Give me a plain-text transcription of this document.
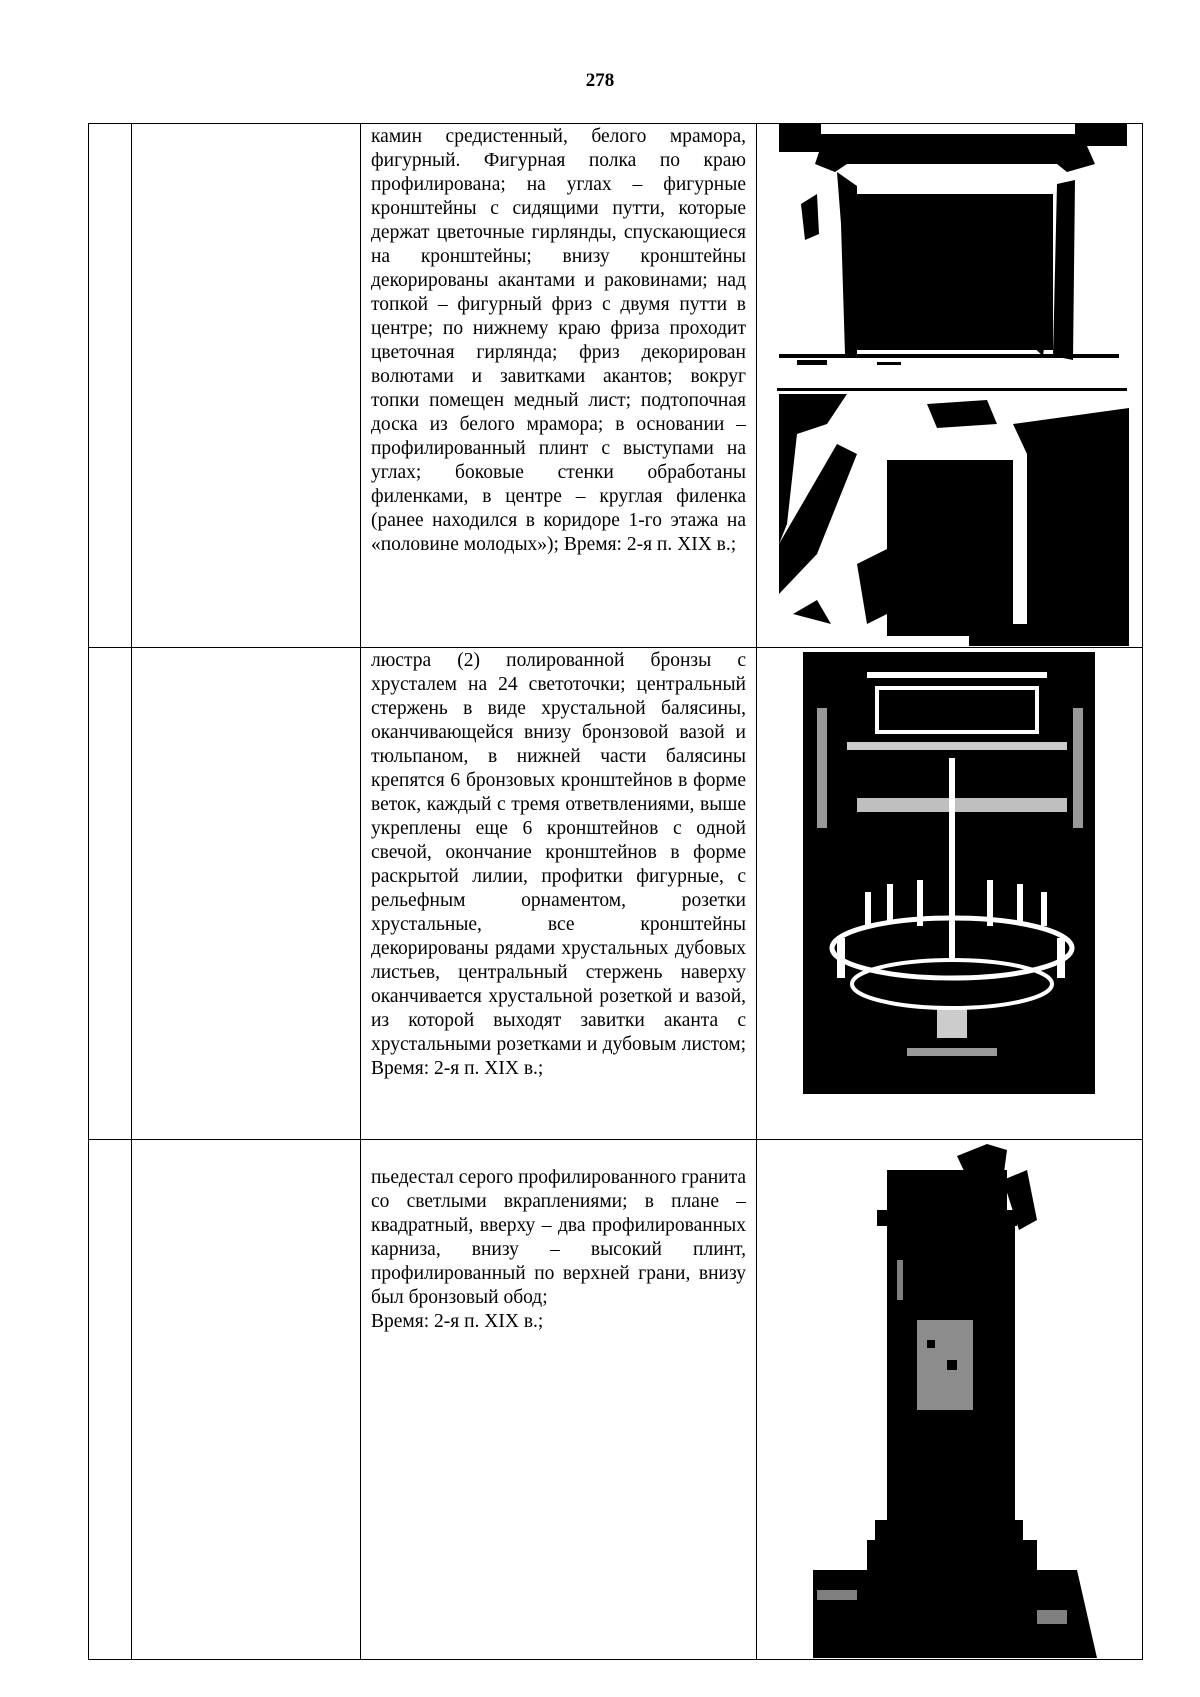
278

		камин средистенный, белого мрамора, фигурный. Фигурная полка по краю профилирована; на углах – фигурные кронштейны с сидящими путти, которые держат цветочные гирлянды, спускающиеся на кронштейны; внизу кронштейны декорированы акантами и раковинами; над топкой – фигурный фриз с двумя путти в центре; по нижнему краю фриза проходит цветочная гирлянда; фриз декорирован волютами и завитками акантов; вокруг топки помещен медный лист; подтопочная доска из белого мрамора; в основании – профилированный плинт с выступами на углах; боковые стенки обработаны филенками, в центре – круглая филенка (ранее находился в коридоре 1-го этажа на «половине молодых»); Время: 2-я п. XIX в.;

		люстра (2) полированной бронзы с хрусталем на 24 светоточки; центральный стержень в виде хрустальной балясины, оканчивающейся внизу бронзовой вазой и тюльпаном, в нижней части балясины крепятся 6 бронзовых кронштейнов в форме веток, каждый с тремя ответвлениями, выше укреплены еще 6 кронштейнов с одной свечой, окончание кронштейнов в форме раскрытой лилии, профитки фигурные, с рельефным орнаментом, розетки хрустальные, все кронштейны декорированы рядами хрустальных дубовых листьев, центральный стержень наверху оканчивается хрустальной розеткой и вазой, из которой выходят завитки аканта с хрустальными розетками и дубовым листом; Время: 2-я п. XIX в.;

		пьедестал серого профилированного гранита со светлыми вкраплениями; в плане – квадратный, вверху – два профилированных карниза, внизу – высокий плинт, профилированный по верхней грани, внизу был бронзовый обод;
Время: 2-я п. XIX в.;
